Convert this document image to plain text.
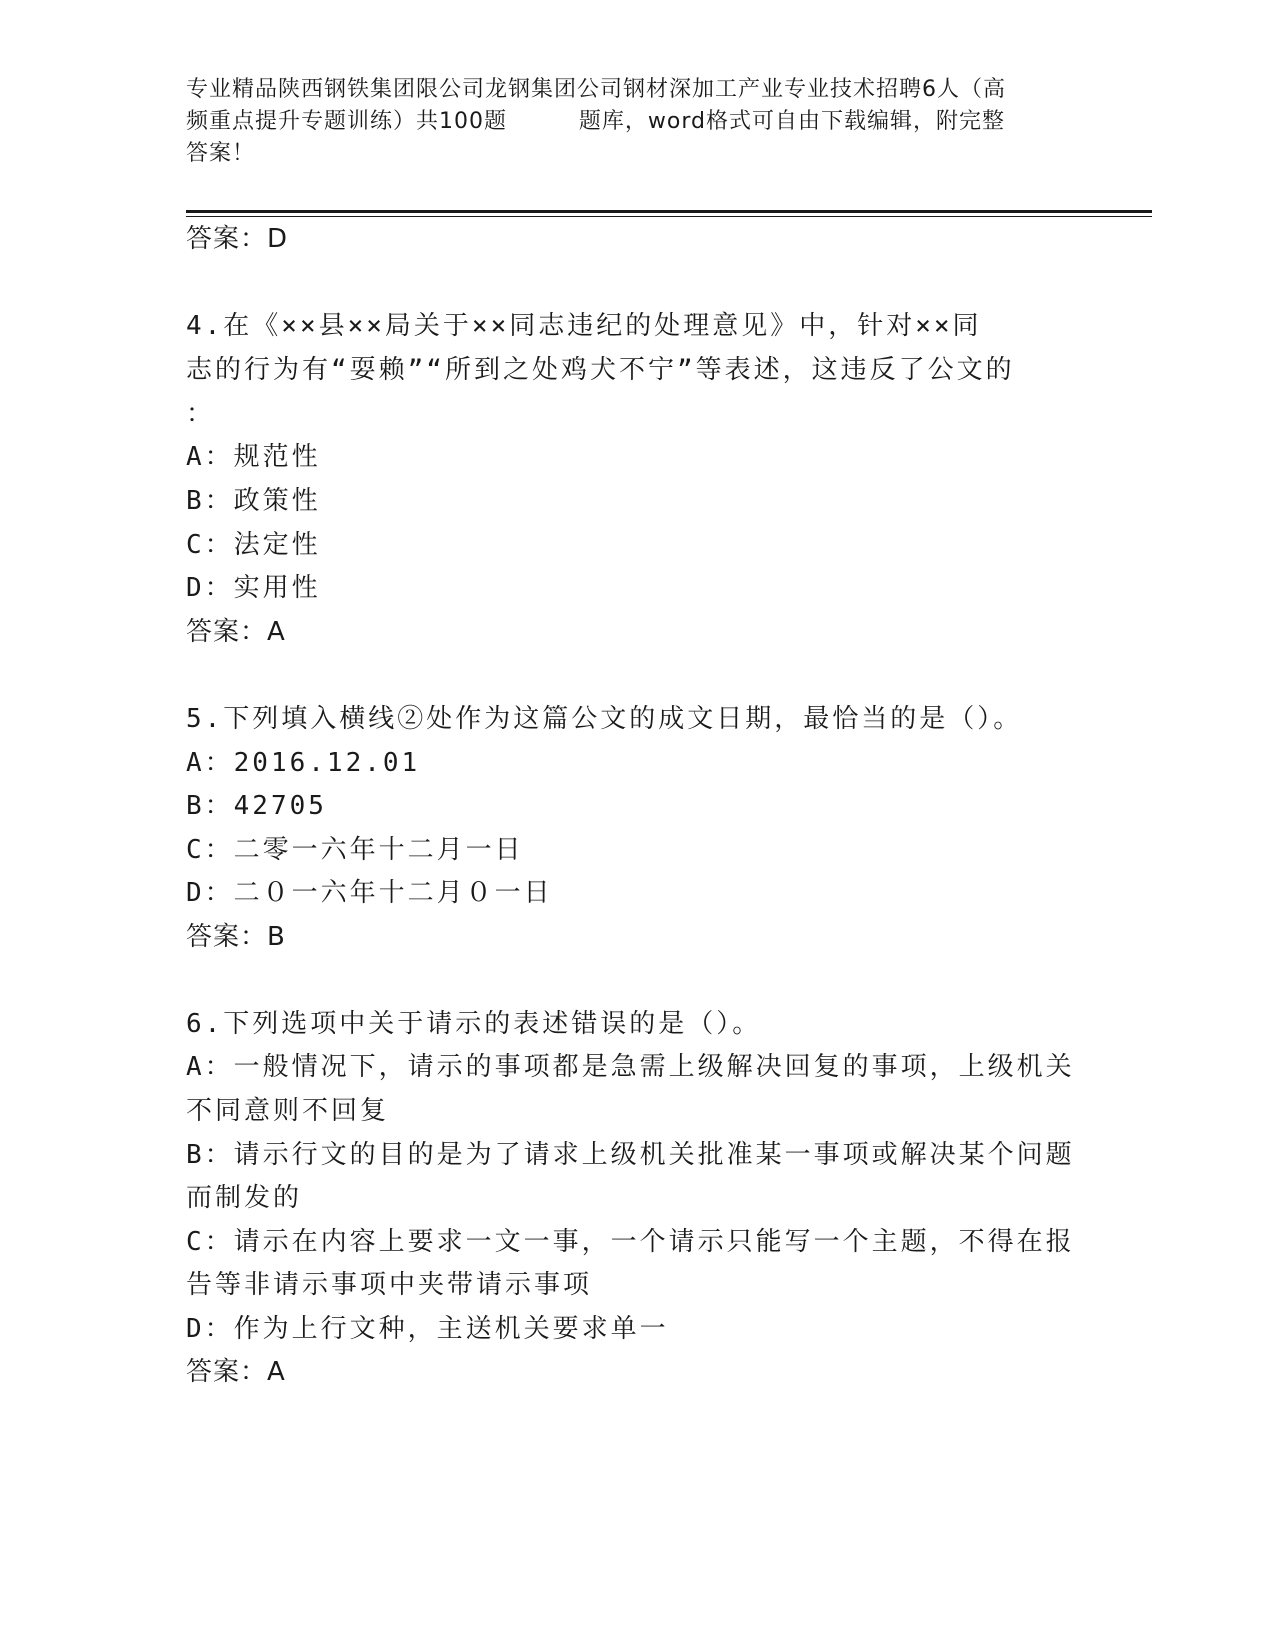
专业精品陕西钢铁集团限公司龙钢集团公司钢材深加工产业专业技术招聘6人（高
频重点提升专题训练）共100题         题库，word格式可自由下载编辑，附完整
答案！
答案：D
4.在《××县××局关于××同志违纪的处理意见》中，针对××同
志的行为有“耍赖”“所到之处鸡犬不宁”等表述，这违反了公文的
：
A：规范性
B：政策性
C：法定性
D：实用性
答案：A
5.下列填入横线②处作为这篇公文的成文日期，最恰当的是（）。
A：2016.12.01
B：42705
C：二零一六年十二月一日
D：二０一六年十二月０一日
答案：B
6.下列选项中关于请示的表述错误的是（）。
A：一般情况下，请示的事项都是急需上级解决回复的事项，上级机关
不同意则不回复
B：请示行文的目的是为了请求上级机关批准某一事项或解决某个问题
而制发的
C：请示在内容上要求一文一事，一个请示只能写一个主题，不得在报
告等非请示事项中夹带请示事项
D：作为上行文种，主送机关要求单一
答案：A
